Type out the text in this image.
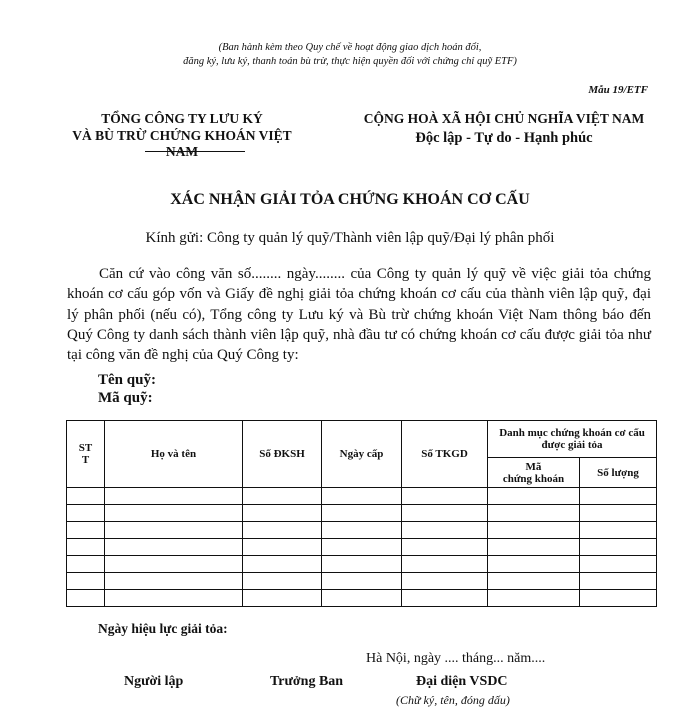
(Ban hành kèm theo Quy chế về hoạt động giao dịch hoán đổi,
đăng ký, lưu ký, thanh toán bù trừ, thực hiện quyền đối với chứng chỉ quỹ ETF)
Mẫu 19/ETF
TỔNG CÔNG TY LƯU KÝ
VÀ BÙ TRỪ CHỨNG KHOÁN VIỆT NAM
CỘNG HOÀ XÃ HỘI CHỦ NGHĨA VIỆT NAM
Độc lập - Tự do - Hạnh phúc
XÁC NHẬN GIẢI TỎA CHỨNG KHOÁN CƠ CẤU
Kính gửi: Công ty quản lý quỹ/Thành viên lập quỹ/Đại lý phân phối

Căn cứ vào công văn số........ ngày........ của Công ty quản lý quỹ về việc giải tỏa chứng khoán cơ cấu góp vốn và Giấy đề nghị giải tỏa chứng khoán cơ cấu của thành viên lập quỹ, đại lý phân phối (nếu có), Tổng công ty Lưu ký và Bù trừ chứng khoán Việt Nam thông báo đến Quý Công ty danh sách thành viên lập quỹ, nhà đầu tư có chứng khoán cơ cấu được giải tỏa như tại công văn đề nghị của Quý Công ty:

Tên quỹ:
Mã quỹ:
ST
T	Họ và tên	Số ĐKSH	Ngày cấp	Số TKGD	Danh mục chứng khoán cơ cấu được giải tỏa	
					Mã
chứng khoán	Số lượng

Ngày hiệu lực giải tỏa:
Hà Nội, ngày .... tháng... năm....
Người lập	Trưởng Ban	Đại diện VSDC
(Chữ ký, tên, đóng dấu)
